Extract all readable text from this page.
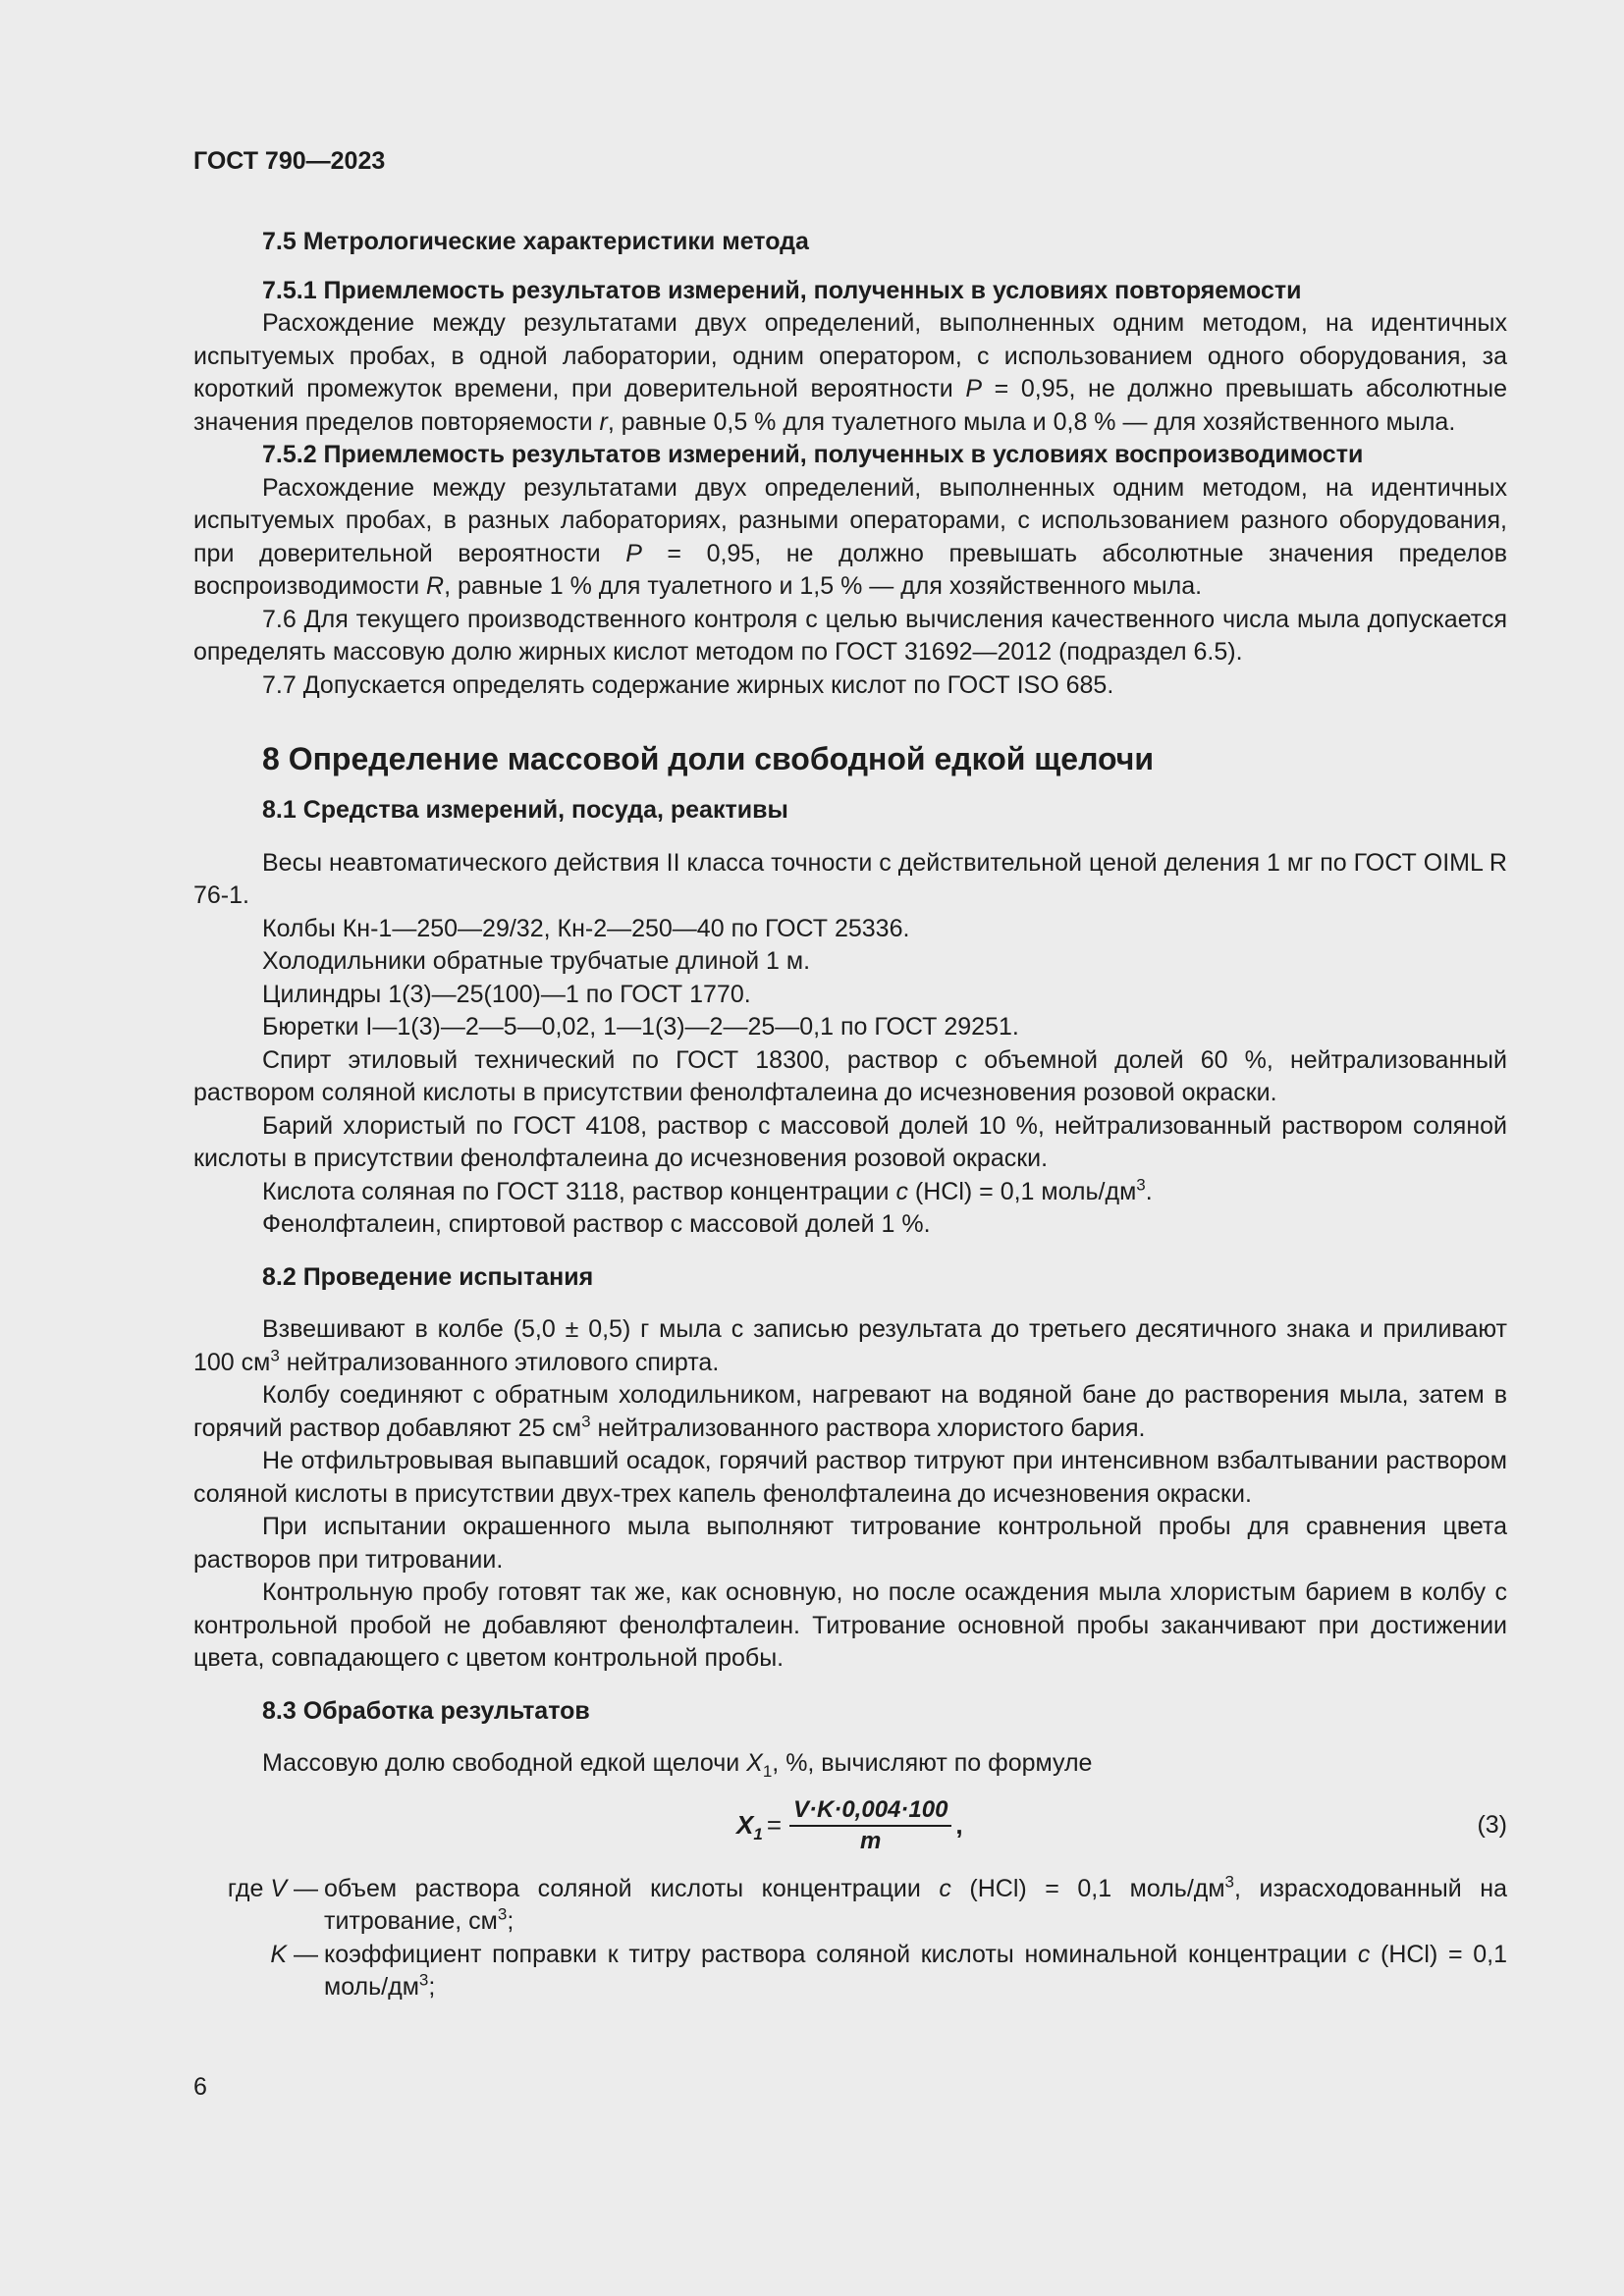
ГОСТ 790—2023
7.5 Метрологические характеристики метода
7.5.1 Приемлемость результатов измерений, полученных в условиях повторяемости

Расхождение между результатами двух определений, выполненных одним методом, на идентичных испытуемых пробах, в одной лаборатории, одним оператором, с использованием одного оборудования, за короткий промежуток времени, при доверительной вероятности P = 0,95, не должно превышать абсолютные значения пределов повторяемости r, равные 0,5 % для туалетного мыла и 0,8 % — для хозяйственного мыла.

7.5.2 Приемлемость результатов измерений, полученных в условиях воспроизводимости

Расхождение между результатами двух определений, выполненных одним методом, на идентичных испытуемых пробах, в разных лабораториях, разными операторами, с использованием разного оборудования, при доверительной вероятности P = 0,95, не должно превышать абсолютные значения пределов воспроизводимости R, равные 1 % для туалетного и 1,5 % — для хозяйственного мыла.

7.6 Для текущего производственного контроля с целью вычисления качественного числа мыла допускается определять массовую долю жирных кислот методом по ГОСТ 31692—2012 (подраздел 6.5).

7.7 Допускается определять содержание жирных кислот по ГОСТ ISO 685.

8 Определение массовой доли свободной едкой щелочи
8.1 Средства измерений, посуда, реактивы

Весы неавтоматического действия II класса точности с действительной ценой деления 1 мг по ГОСТ OIML R 76-1.

Колбы Кн-1—250—29/32, Кн-2—250—40 по ГОСТ 25336.

Холодильники обратные трубчатые длиной 1 м.

Цилиндры 1(3)—25(100)—1 по ГОСТ 1770.

Бюретки I—1(3)—2—5—0,02, 1—1(3)—2—25—0,1 по ГОСТ 29251.

Спирт этиловый технический по ГОСТ 18300, раствор с объемной долей 60 %, нейтрализованный раствором соляной кислоты в присутствии фенолфталеина до исчезновения розовой окраски.

Барий хлористый по ГОСТ 4108, раствор с массовой долей 10 %, нейтрализованный раствором соляной кислоты в присутствии фенолфталеина до исчезновения розовой окраски.

Кислота соляная по ГОСТ 3118, раствор концентрации c (HCl) = 0,1 моль/$дм^3$.

Фенолфталеин, спиртовой раствор с массовой долей 1 %.

8.2 Проведение испытания

Взвешивают в колбе (5,0 ± 0,5) г мыла с записью результата до третьего десятичного знака и приливают 100 $см^3$ нейтрализованного этилового спирта.

Колбу соединяют с обратным холодильником, нагревают на водяной бане до растворения мыла, затем в горячий раствор добавляют 25 $см^3$ нейтрализованного раствора хлористого бария.

Не отфильтровывая выпавший осадок, горячий раствор титруют при интенсивном взбалтывании раствором соляной кислоты в присутствии двух-трех капель фенолфталеина до исчезновения окраски.

При испытании окрашенного мыла выполняют титрование контрольной пробы для сравнения цвета растворов при титровании.

Контрольную пробу готовят так же, как основную, но после осаждения мыла хлористым барием в колбу с контрольной пробой не добавляют фенолфталеин. Титрование основной пробы заканчивают при достижении цвета, совпадающего с цветом контрольной пробы.

8.3 Обработка результатов

Массовую долю свободной едкой щелочи $X_1$, %, вычисляют по формуле

$X_1 = \frac{V\cdot K\cdot 0,004\cdot 100}{m}$ ,	(3)
где V — объем раствора соляной кислоты концентрации c (HCl) = 0,1 моль/$дм^3$, израсходованный на титрование, $см^3$;
K — коэффициент поправки к титру раствора соляной кислоты номинальной концентрации c (HCl) = 0,1 моль/$дм^3$;
6
